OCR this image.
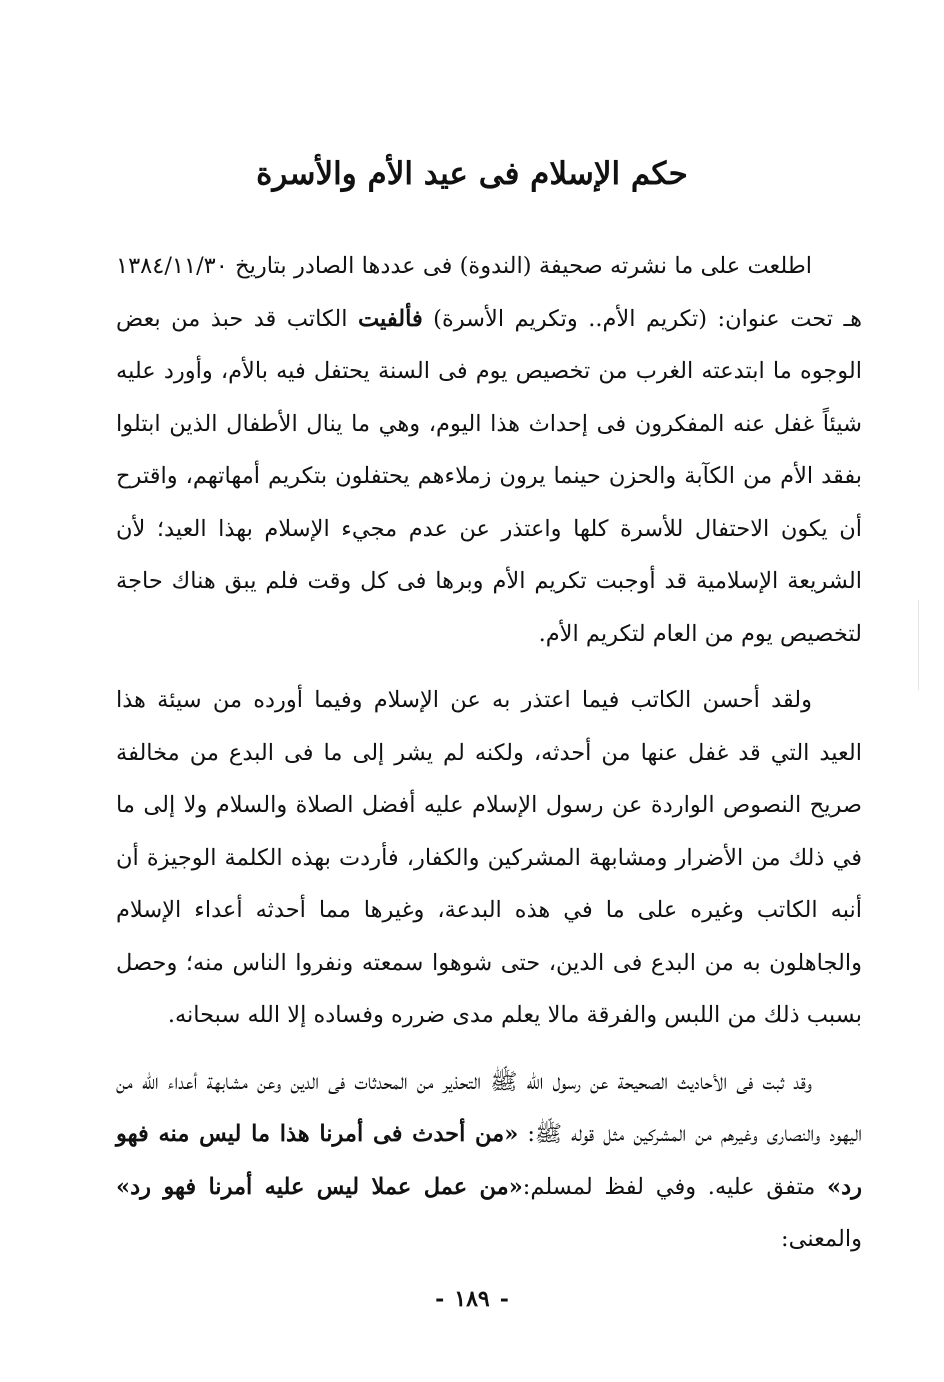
حكم الإسلام فى عيد الأم والأسرة

اطلعت على ما نشرته صحيفة (الندوة) فى عددها الصادر بتاريخ ١٣٨٤/١١/٣٠ هـ تحت عنوان: (تكريم الأم.. وتكريم الأسرة) فألفيت الكاتب قد حبذ من بعض الوجوه ما ابتدعته الغرب من تخصيص يوم فى السنة يحتفل فيه بالأم، وأورد عليه شيئاً غفل عنه المفكرون فى إحداث هذا اليوم، وهي ما ينال الأطفال الذين ابتلوا بفقد الأم من الكآبة والحزن حينما يرون زملاءهم يحتفلون بتكريم أمهاتهم، واقترح أن يكون الاحتفال للأسرة كلها واعتذر عن عدم مجيء الإسلام بهذا العيد؛ لأن الشريعة الإسلامية قد أوجبت تكريم الأم وبرها فى كل وقت فلم يبق هناك حاجة لتخصيص يوم من العام لتكريم الأم.

ولقد أحسن الكاتب فيما اعتذر به عن الإسلام وفيما أورده من سيئة هذا العيد التي قد غفل عنها من أحدثه، ولكنه لم يشر إلى ما فى البدع من مخالفة صريح النصوص الواردة عن رسول الإسلام عليه أفضل الصلاة والسلام ولا إلى ما في ذلك من الأضرار ومشابهة المشركين والكفار، فأردت بهذه الكلمة الوجيزة أن أنبه الكاتب وغيره على ما في هذه البدعة، وغيرها مما أحدثه أعداء الإسلام والجاهلون به من البدع فى الدين، حتى شوهوا سمعته ونفروا الناس منه؛ وحصل بسبب ذلك من اللبس والفرقة مالا يعلم مدى ضرره وفساده إلا الله سبحانه.

وقد ثبت فى الأحاديث الصحيحة عن رسول الله ﷺ التحذير من المحدثات فى الدين وعن مشابهة أعداء الله من اليهود والنصارى وغيرهم من المشركين مثل قوله ﷺ: «من أحدث فى أمرنا هذا ما ليس منه فهو رد» متفق عليه. وفي لفظ لمسلم:«من عمل عملا ليس عليه أمرنا فهو رد» والمعنى:

-١٨٩-
